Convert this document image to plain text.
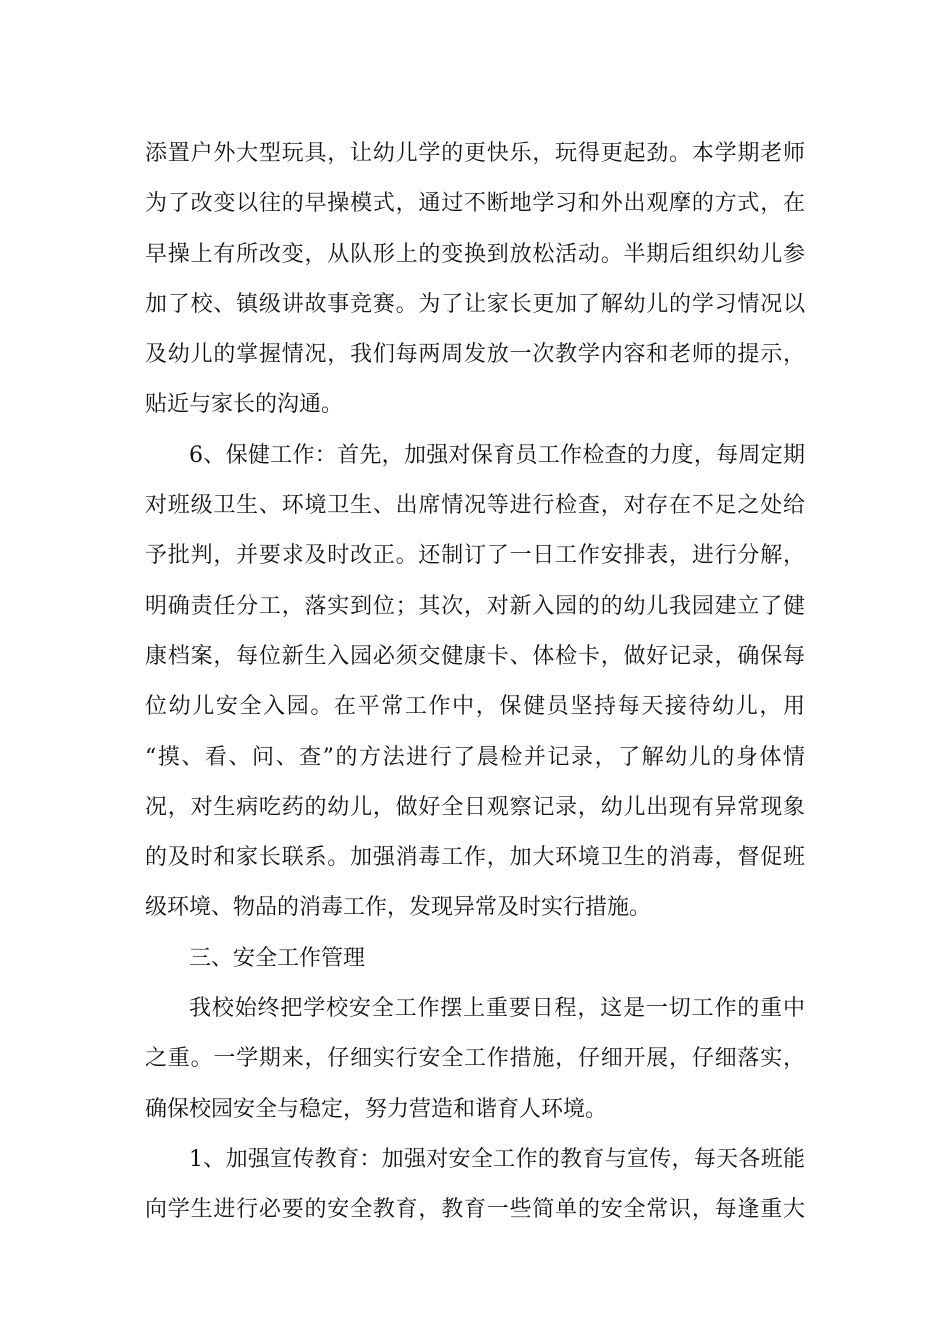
添置户外大型玩具，让幼儿学的更快乐，玩得更起劲。本学期老师
为了改变以往的早操模式，通过不断地学习和外出观摩的方式，在
早操上有所改变，从队形上的变换到放松活动。半期后组织幼儿参
加了校、镇级讲故事竞赛。为了让家长更加了解幼儿的学习情况以
及幼儿的掌握情况，我们每两周发放一次教学内容和老师的提示，
贴近与家长的沟通。
6、保健工作：首先，加强对保育员工作检查的力度，每周定期
对班级卫生、环境卫生、出席情况等进行检查，对存在不足之处给
予批判，并要求及时改正。还制订了一日工作安排表，进行分解，
明确责任分工，落实到位；其次，对新入园的的幼儿我园建立了健
康档案，每位新生入园必须交健康卡、体检卡，做好记录，确保每
位幼儿安全入园。在平常工作中，保健员坚持每天接待幼儿，用
“摸、看、问、查”的方法进行了晨检并记录，了解幼儿的身体情
况，对生病吃药的幼儿，做好全日观察记录，幼儿出现有异常现象
的及时和家长联系。加强消毒工作，加大环境卫生的消毒，督促班
级环境、物品的消毒工作，发现异常及时实行措施。
三、安全工作管理
我校始终把学校安全工作摆上重要日程，这是一切工作的重中
之重。一学期来，仔细实行安全工作措施，仔细开展，仔细落实，
确保校园安全与稳定，努力营造和谐育人环境。
1、加强宣传教育：加强对安全工作的教育与宣传，每天各班能
向学生进行必要的安全教育，教育一些简单的安全常识，每逢重大
